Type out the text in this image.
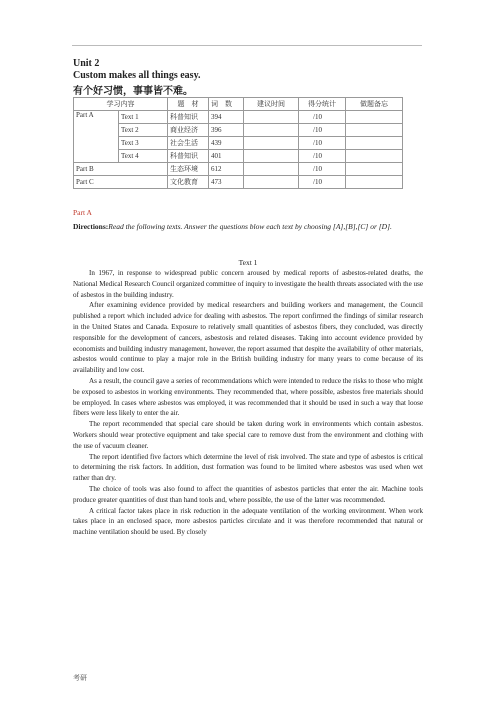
Unit 2
Custom makes all things easy.
有个好习惯，事事皆不难。
学习内容		题　材	词　数	建议时间	得分统计	做题备忘
Part A	Text 1	科普知识	394		/10	
	Text 2	商业经济	396		/10	
	Text 3	社会生活	439		/10	
	Text 4	科普知识	401		/10	
Part B		生态环境	612		/10	
Part C		文化教育	473		/10	
Part A
Directions:Read the following texts. Answer the questions blow each text by choosing [A],[B],[C] or [D].
Text 1

In 1967, in response to widespread public concern aroused by medical reports of asbestos-related deaths, the National Medical Research Council organized committee of inquiry to investigate the health threats associated with the use of asbestos in the building industry.

After examining evidence provided by medical researchers and building workers and management, the Council published a report which included advice for dealing with asbestos. The report confirmed the findings of similar research in the United States and Canada. Exposure to relatively small quantities of asbestos fibers, they concluded, was directly responsible for the development of cancers, asbestosis and related diseases. Taking into account evidence provided by economists and building industry management, however, the report assumed that despite the availability of other materials, asbestos would continue to play a major role in the British building industry for many years to come because of its availability and low cost.

As a result, the council gave a series of recommendations which were intended to reduce the risks to those who might be exposed to asbestos in working environments. They recommended that, where possible, asbestos free materials should be employed. In cases where asbestos was employed, it was recommended that it should be used in such a way that loose fibers were less likely to enter the air.

The report recommended that special care should be taken during work in environments which contain asbestos. Workers should wear protective equipment and take special care to remove dust from the environment and clothing with the use of vacuum cleaner.

The report identified five factors which determine the level of risk involved. The state and type of asbestos is critical to determining the risk factors. In addition, dust formation was found to be limited where asbestos was used when wet rather than dry.

The choice of tools was also found to affect the quantities of asbestos particles that enter the air. Machine tools produce greater quantities of dust than hand tools and, where possible, the use of the latter was recommended.

A critical factor takes place in risk reduction in the adequate ventilation of the working environment. When work takes place in an enclosed space, more asbestos particles circulate and it was therefore recommended that natural or machine ventilation should be used. By closely

考研
